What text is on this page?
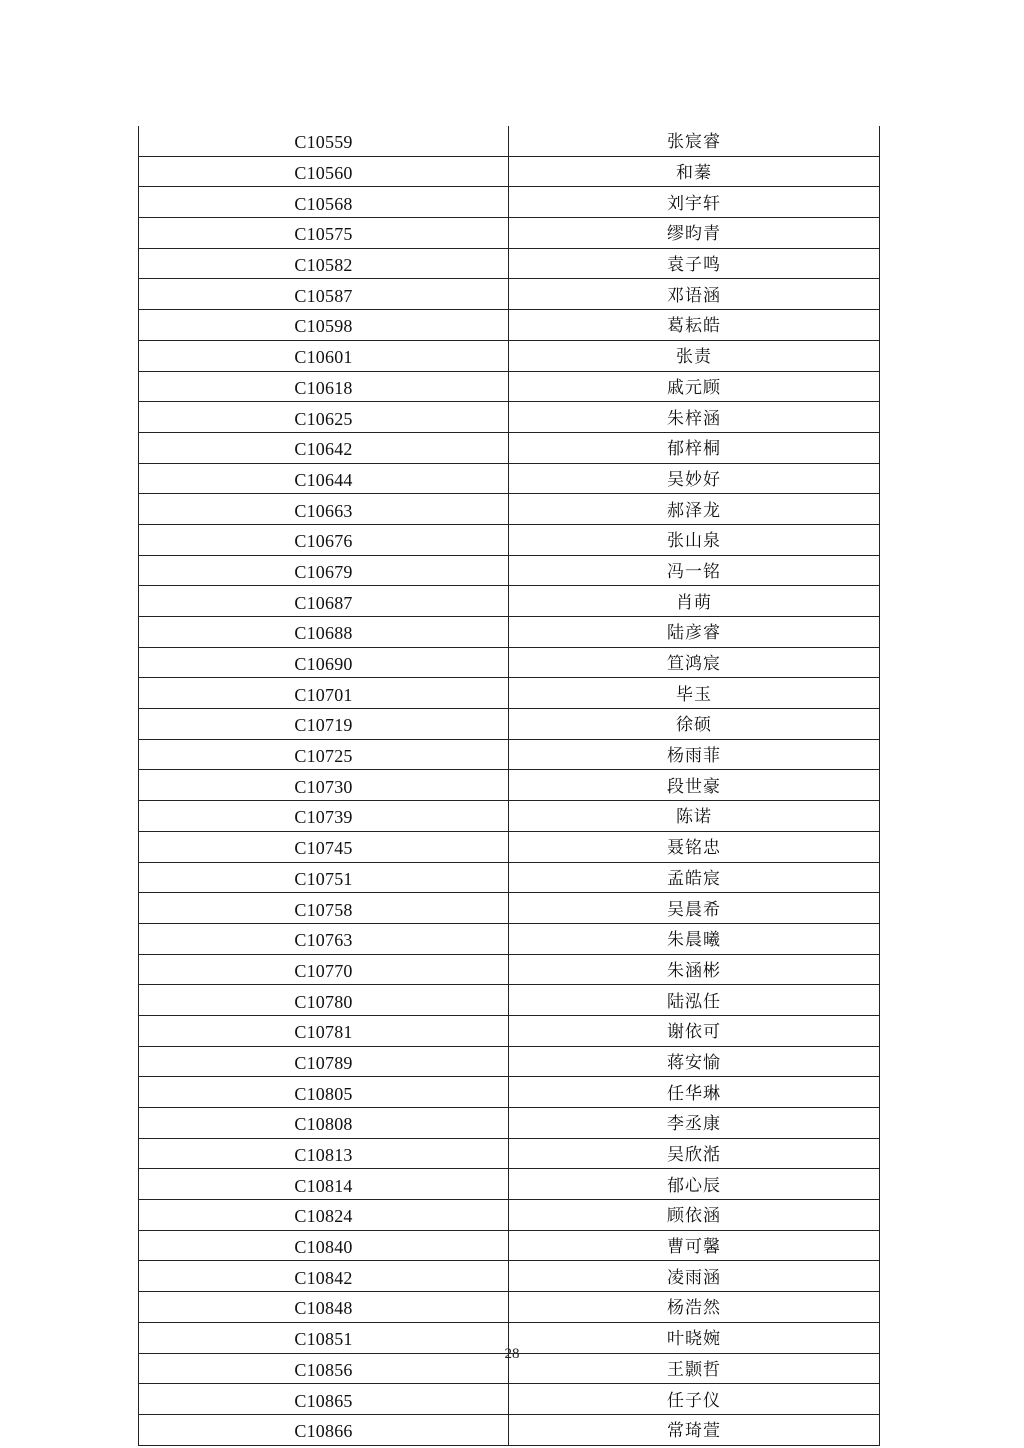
C10559	张宸睿
C10560	和蓁
C10568	刘宇轩
C10575	缪昀青
C10582	袁子鸣
C10587	邓语涵
C10598	葛耘皓
C10601	张责
C10618	戚元顾
C10625	朱梓涵
C10642	郁梓桐
C10644	吴妙好
C10663	郝泽龙
C10676	张山泉
C10679	冯一铭
C10687	肖萌
C10688	陆彦睿
C10690	笪鸿宸
C10701	毕玉
C10719	徐硕
C10725	杨雨菲
C10730	段世豪
C10739	陈诺
C10745	聂铭忠
C10751	孟皓宸
C10758	吴晨希
C10763	朱晨曦
C10770	朱涵彬
C10780	陆泓任
C10781	谢依可
C10789	蒋安愉
C10805	任华琳
C10808	李丞康
C10813	吴欣湉
C10814	郁心辰
C10824	顾依涵
C10840	曹可馨
C10842	凌雨涵
C10848	杨浩然
C10851	叶晓婉
C10856	王颢哲
C10865	任子仪
C10866	常琦萱
28
